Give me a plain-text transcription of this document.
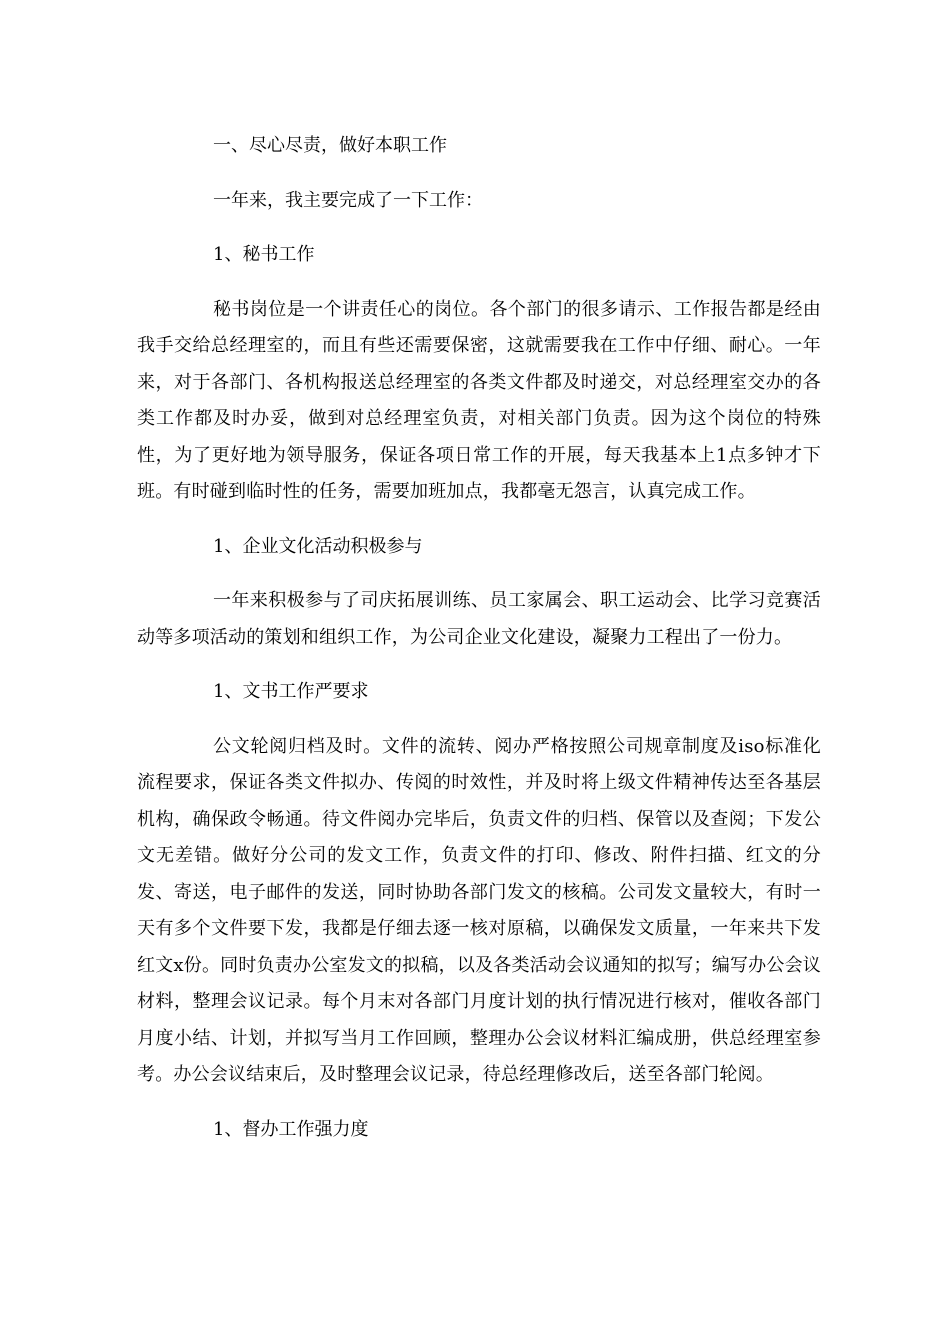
一、尽心尽责，做好本职工作

一年来，我主要完成了一下工作：

1、秘书工作

秘书岗位是一个讲责任心的岗位。各个部门的很多请示、工作报告都是经由我手交给总经理室的，而且有些还需要保密，这就需要我在工作中仔细、耐心。一年来，对于各部门、各机构报送总经理室的各类文件都及时递交，对总经理室交办的各类工作都及时办妥，做到对总经理室负责，对相关部门负责。因为这个岗位的特殊性，为了更好地为领导服务，保证各项日常工作的开展，每天我基本上1点多钟才下班。有时碰到临时性的任务，需要加班加点，我都毫无怨言，认真完成工作。

1、企业文化活动积极参与

一年来积极参与了司庆拓展训练、员工家属会、职工运动会、比学习竞赛活动等多项活动的策划和组织工作，为公司企业文化建设，凝聚力工程出了一份力。

1、文书工作严要求

公文轮阅归档及时。文件的流转、阅办严格按照公司规章制度及iso标准化流程要求，保证各类文件拟办、传阅的时效性，并及时将上级文件精神传达至各基层机构，确保政令畅通。待文件阅办完毕后，负责文件的归档、保管以及查阅；下发公文无差错。做好分公司的发文工作，负责文件的打印、修改、附件扫描、红文的分发、寄送，电子邮件的发送，同时协助各部门发文的核稿。公司发文量较大，有时一天有多个文件要下发，我都是仔细去逐一核对原稿，以确保发文质量，一年来共下发红文x份。同时负责办公室发文的拟稿，以及各类活动会议通知的拟写；编写办公会议材料，整理会议记录。每个月末对各部门月度计划的执行情况进行核对，催收各部门月度小结、计划，并拟写当月工作回顾，整理办公会议材料汇编成册，供总经理室参考。办公会议结束后，及时整理会议记录，待总经理修改后，送至各部门轮阅。

1、督办工作强力度
